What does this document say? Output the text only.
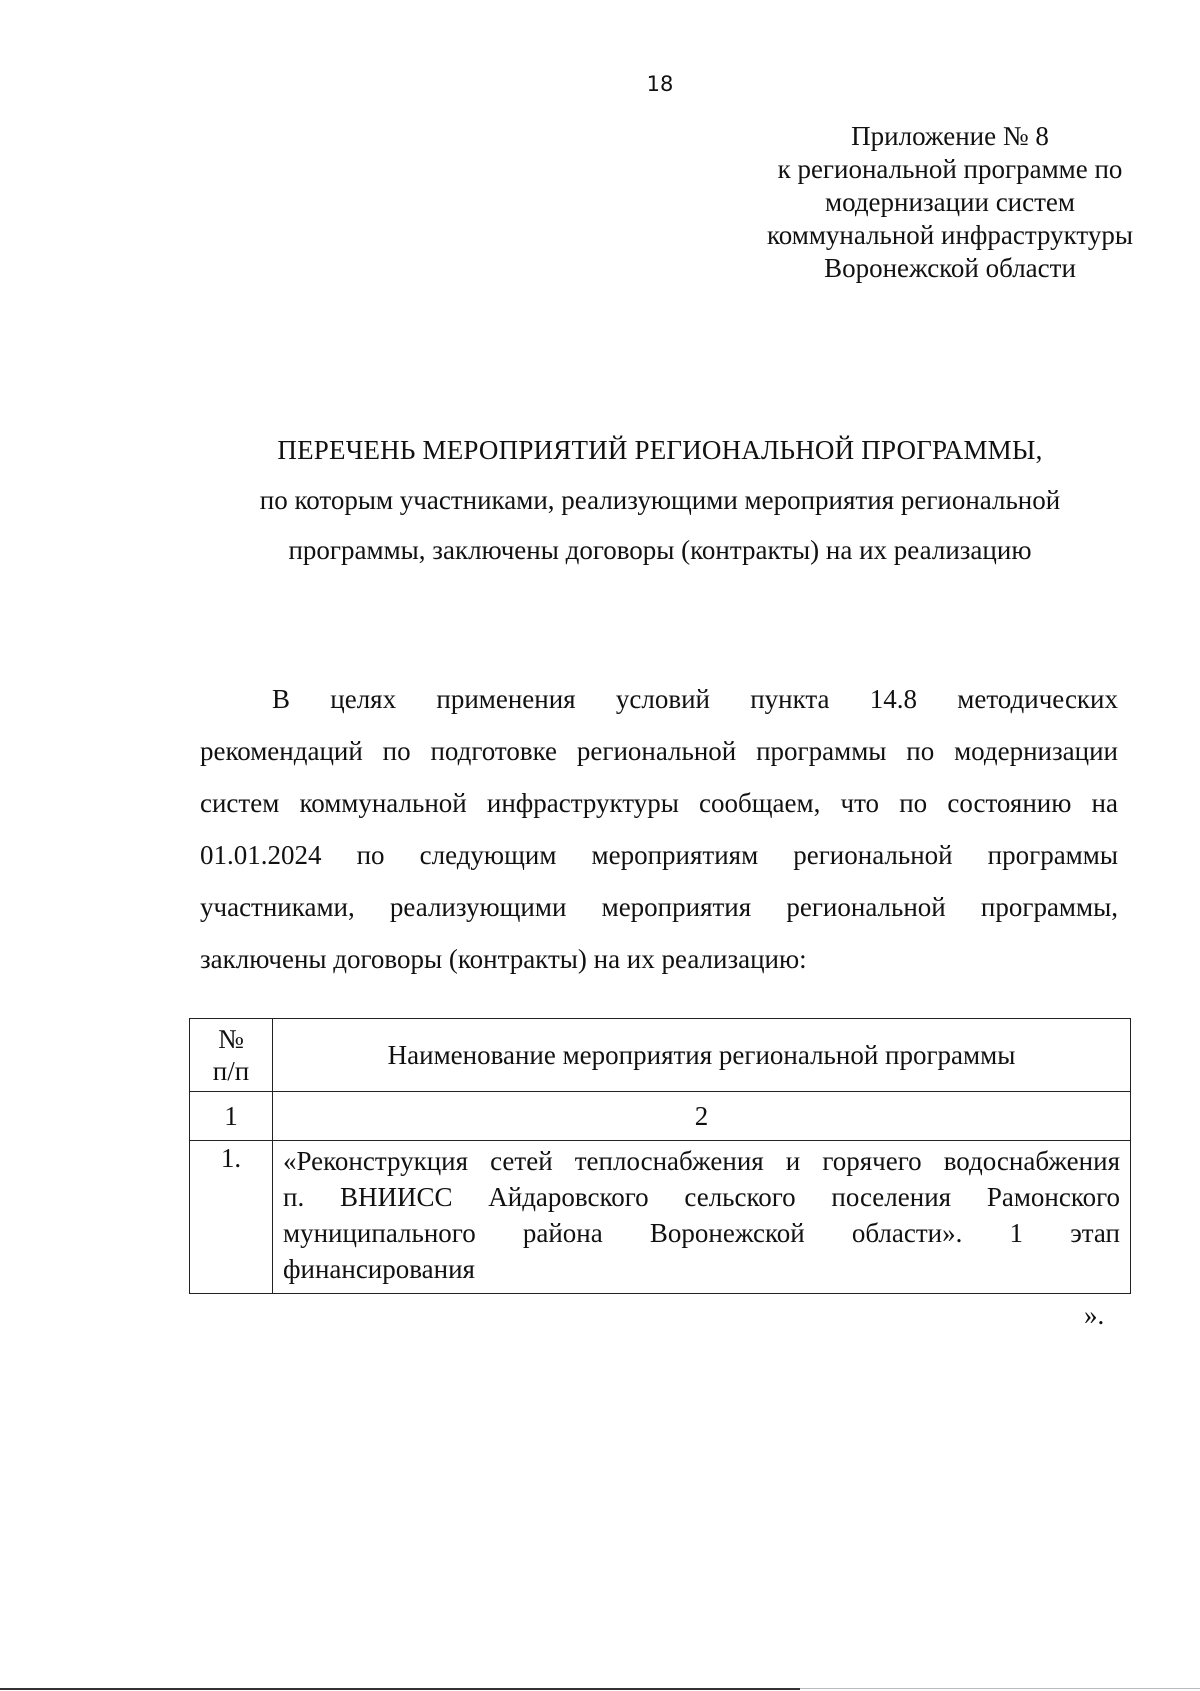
18
Приложение № 8
к региональной программе по
модернизации систем
коммунальной инфраструктуры
Воронежской области
ПЕРЕЧЕНЬ МЕРОПРИЯТИЙ РЕГИОНАЛЬНОЙ ПРОГРАММЫ,
по которым участниками, реализующими мероприятия региональной
программы, заключены договоры (контракты) на их реализацию
В целях применения условий пункта 14.8 методических
рекомендаций по подготовке региональной программы по модернизации
систем коммунальной инфраструктуры сообщаем, что по состоянию на
01.01.2024 по следующим мероприятиям региональной программы
участниками, реализующими мероприятия региональной программы,
заключены договоры (контракты) на их реализацию:
№
п/п	Наименование мероприятия региональной программы
1	2
1.	«Реконструкция сетей теплоснабжения и горячего водоснабжения
п. ВНИИСС Айдаровского сельского поселения Рамонского
муниципального района Воронежской области». 1 этап
финансирования
».
